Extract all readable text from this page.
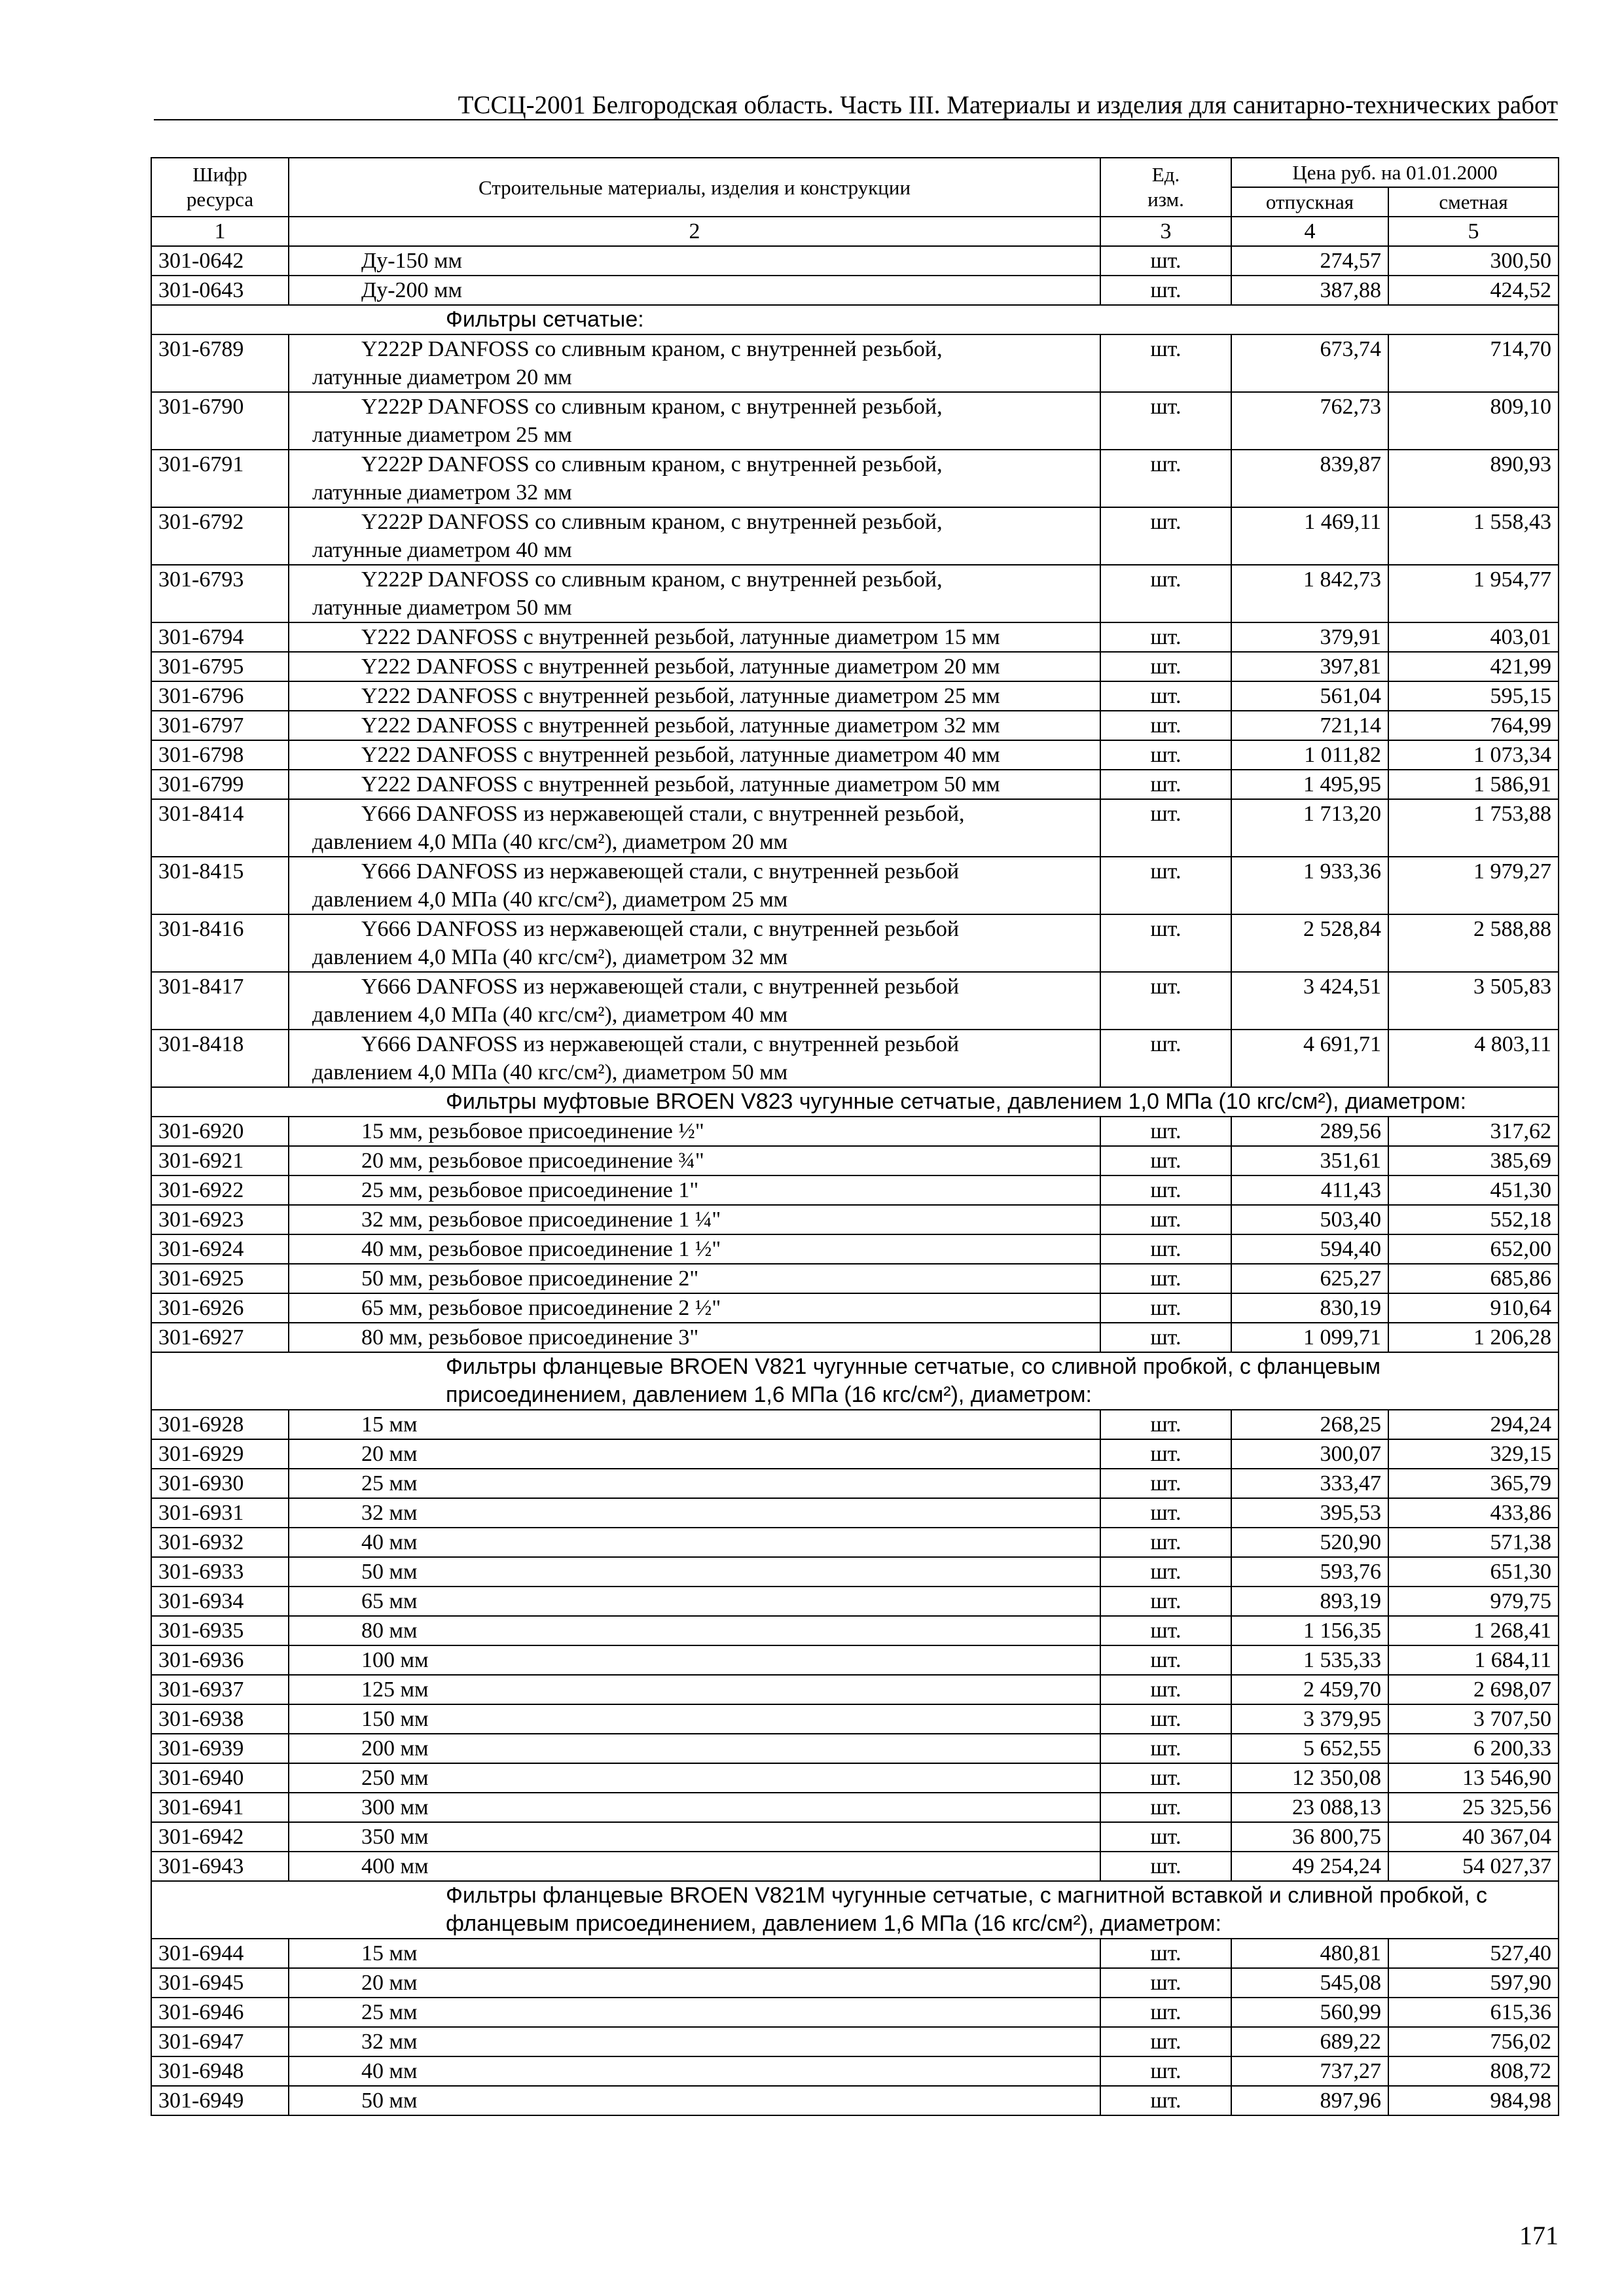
ТССЦ-2001 Белгородская область. Часть III. Материалы и изделия для санитарно-технических работ
Шифр ресурса	Строительные материалы, изделия и конструкции	Ед. изм.	Цена руб. на 01.01.2000	
			отпускная	сметная
1	2	3	4	5
301-0642	Ду-150 мм	шт.	274,57	300,50
301-0643	Ду-200 мм	шт.	387,88	424,52
	Фильтры сетчатые:			
301-6789	Y222P DANFOSS со сливным краном, с внутренней резьбой,
латунные диаметром 20 мм	шт.	673,74	714,70
301-6790	Y222P DANFOSS со сливным краном, с внутренней резьбой,
латунные диаметром 25 мм	шт.	762,73	809,10
301-6791	Y222P DANFOSS со сливным краном, с внутренней резьбой,
латунные диаметром 32 мм	шт.	839,87	890,93
301-6792	Y222P DANFOSS со сливным краном, с внутренней резьбой,
латунные диаметром 40 мм	шт.	1 469,11	1 558,43
301-6793	Y222P DANFOSS со сливным краном, с внутренней резьбой,
латунные диаметром 50 мм	шт.	1 842,73	1 954,77
301-6794	Y222 DANFOSS с внутренней резьбой, латунные диаметром 15 мм	шт.	379,91	403,01
301-6795	Y222 DANFOSS с внутренней резьбой, латунные диаметром 20 мм	шт.	397,81	421,99
301-6796	Y222 DANFOSS с внутренней резьбой, латунные диаметром 25 мм	шт.	561,04	595,15
301-6797	Y222 DANFOSS с внутренней резьбой, латунные диаметром 32 мм	шт.	721,14	764,99
301-6798	Y222 DANFOSS с внутренней резьбой, латунные диаметром 40 мм	шт.	1 011,82	1 073,34
301-6799	Y222 DANFOSS с внутренней резьбой, латунные диаметром 50 мм	шт.	1 495,95	1 586,91
301-8414	Y666 DANFOSS из нержавеющей стали, с внутренней резьбой,
давлением 4,0 МПа (40 кгс/см²), диаметром 20 мм	шт.	1 713,20	1 753,88
301-8415	Y666 DANFOSS из нержавеющей стали, с внутренней резьбой
давлением 4,0 МПа (40 кгс/см²), диаметром 25 мм	шт.	1 933,36	1 979,27
301-8416	Y666 DANFOSS из нержавеющей стали, с внутренней резьбой
давлением 4,0 МПа (40 кгс/см²), диаметром 32 мм	шт.	2 528,84	2 588,88
301-8417	Y666 DANFOSS из нержавеющей стали, с внутренней резьбой
давлением 4,0 МПа (40 кгс/см²), диаметром 40 мм	шт.	3 424,51	3 505,83
301-8418	Y666 DANFOSS из нержавеющей стали, с внутренней резьбой
давлением 4,0 МПа (40 кгс/см²), диаметром 50 мм	шт.	4 691,71	4 803,11
	Фильтры муфтовые BROEN V823 чугунные сетчатые, давлением 1,0 МПа (10 кгс/см²), диаметром:			
301-6920	15 мм, резьбовое присоединение ½"	шт.	289,56	317,62
301-6921	20 мм, резьбовое присоединение ¾"	шт.	351,61	385,69
301-6922	25 мм, резьбовое присоединение 1"	шт.	411,43	451,30
301-6923	32 мм, резьбовое присоединение 1 ¼"	шт.	503,40	552,18
301-6924	40 мм, резьбовое присоединение 1 ½"	шт.	594,40	652,00
301-6925	50 мм, резьбовое присоединение 2"	шт.	625,27	685,86
301-6926	65 мм, резьбовое присоединение 2 ½"	шт.	830,19	910,64
301-6927	80 мм, резьбовое присоединение 3"	шт.	1 099,71	1 206,28

	Фильтры фланцевые BROEN V821 чугунные сетчатые, со сливной пробкой, с фланцевым
присоединением, давлением 1,6 МПа (16 кгс/см²), диаметром:			

301-6928	15 мм	шт.	268,25	294,24
301-6929	20 мм	шт.	300,07	329,15
301-6930	25 мм	шт.	333,47	365,79
301-6931	32 мм	шт.	395,53	433,86
301-6932	40 мм	шт.	520,90	571,38
301-6933	50 мм	шт.	593,76	651,30
301-6934	65 мм	шт.	893,19	979,75
301-6935	80 мм	шт.	1 156,35	1 268,41
301-6936	100 мм	шт.	1 535,33	1 684,11
301-6937	125 мм	шт.	2 459,70	2 698,07
301-6938	150 мм	шт.	3 379,95	3 707,50
301-6939	200 мм	шт.	5 652,55	6 200,33
301-6940	250 мм	шт.	12 350,08	13 546,90
301-6941	300 мм	шт.	23 088,13	25 325,56
301-6942	350 мм	шт.	36 800,75	40 367,04
301-6943	400 мм	шт.	49 254,24	54 027,37

	Фильтры фланцевые BROEN V821M чугунные сетчатые, с магнитной вставкой и сливной пробкой, с
фланцевым присоединением, давлением 1,6 МПа (16 кгс/см²), диаметром:			

301-6944	15 мм	шт.	480,81	527,40
301-6945	20 мм	шт.	545,08	597,90
301-6946	25 мм	шт.	560,99	615,36
301-6947	32 мм	шт.	689,22	756,02
301-6948	40 мм	шт.	737,27	808,72
301-6949	50 мм	шт.	897,96	984,98
171
